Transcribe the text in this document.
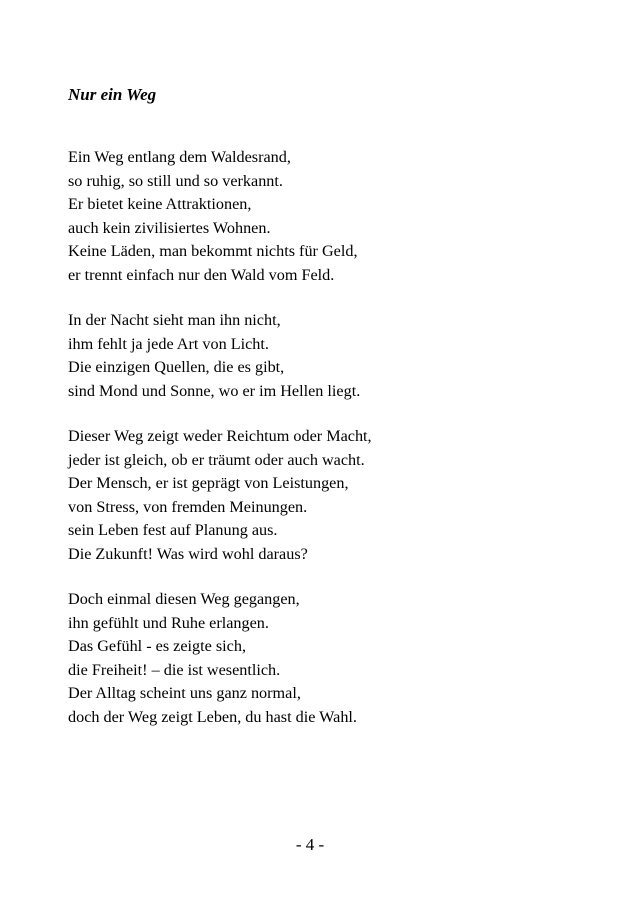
Nur ein Weg
Ein Weg entlang dem Waldesrand,
so ruhig, so still und so verkannt.
Er bietet keine Attraktionen,
auch kein zivilisiertes Wohnen.
Keine Läden, man bekommt nichts für Geld,
er trennt einfach nur den Wald vom Feld.
In der Nacht sieht man ihn nicht,
ihm fehlt ja jede Art von Licht.
Die einzigen Quellen, die es gibt,
sind Mond und Sonne, wo er im Hellen liegt.
Dieser Weg zeigt weder Reichtum oder Macht,
jeder ist gleich, ob er träumt oder auch wacht.
Der Mensch, er ist geprägt von Leistungen,
von Stress, von fremden Meinungen.
sein Leben fest auf Planung aus.
Die Zukunft! Was wird wohl daraus?
Doch einmal diesen Weg gegangen,
ihn gefühlt und Ruhe erlangen.
Das Gefühl - es zeigte sich,
die Freiheit! – die ist wesentlich.
Der Alltag scheint uns ganz normal,
doch der Weg zeigt Leben, du hast die Wahl.
- 4 -
